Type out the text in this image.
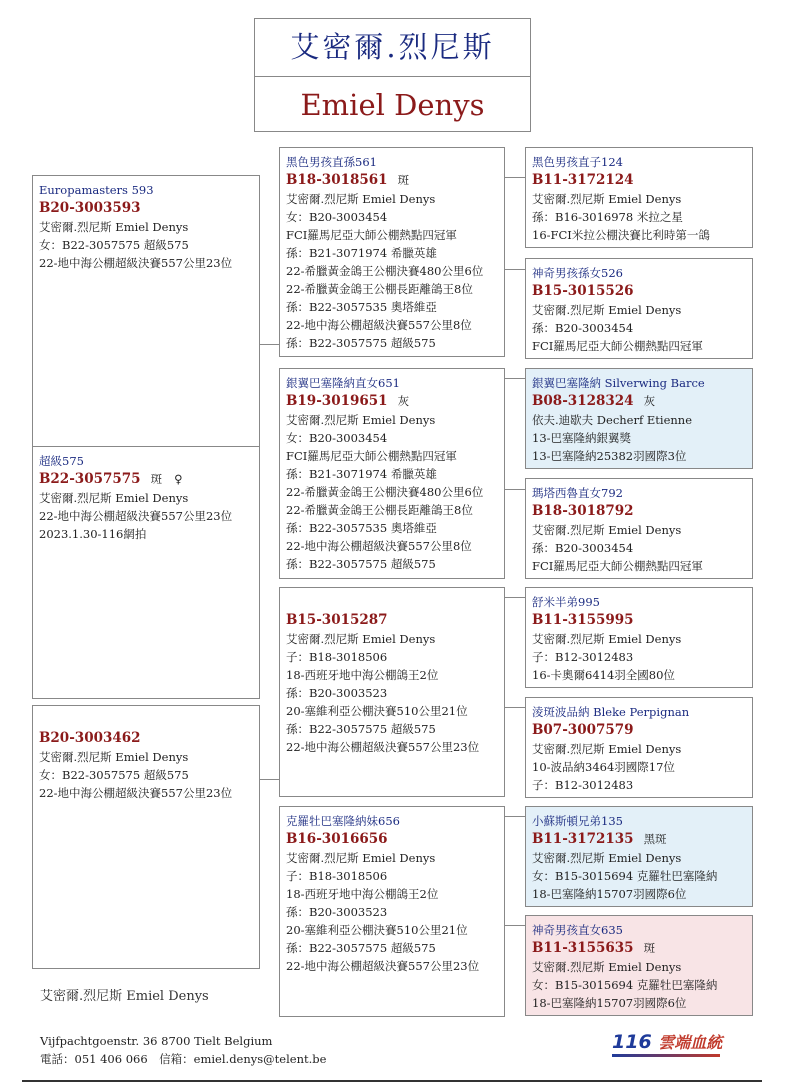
艾密爾.烈尼斯
Emiel Denys
Europamasters 593
B20-3003593
艾密爾.烈尼斯 Emiel Denys
女：B22-3057575 超級575
22-地中海公棚超級決賽557公里23位
超級575
B22-3057575 斑 ♀
艾密爾.烈尼斯 Emiel Denys
22-地中海公棚超級決賽557公里23位
2023.1.30-116網拍
B20-3003462
艾密爾.烈尼斯 Emiel Denys
女：B22-3057575 超級575
22-地中海公棚超級決賽557公里23位
黑色男孩直孫561
B18-3018561 斑
艾密爾.烈尼斯 Emiel Denys
女：B20-3003454
FCI羅馬尼亞大師公棚熱點四冠軍
孫：B21-3071974 希臘英雄
22-希臘黃金鴿王公棚決賽480公里6位
22-希臘黃金鴿王公棚長距離鴿王8位
孫：B22-3057535 奧塔維亞
22-地中海公棚超級決賽557公里8位
孫：B22-3057575 超級575
銀翼巴塞隆納直女651
B19-3019651 灰
艾密爾.烈尼斯 Emiel Denys
女：B20-3003454
FCI羅馬尼亞大師公棚熱點四冠軍
孫：B21-3071974 希臘英雄
22-希臘黃金鴿王公棚決賽480公里6位
22-希臘黃金鴿王公棚長距離鴿王8位
孫：B22-3057535 奧塔維亞
22-地中海公棚超級決賽557公里8位
孫：B22-3057575 超級575
B15-3015287
艾密爾.烈尼斯 Emiel Denys
子：B18-3018506
18-西班牙地中海公棚鴿王2位
孫：B20-3003523
20-塞維利亞公棚決賽510公里21位
孫：B22-3057575 超級575
22-地中海公棚超級決賽557公里23位
克羅牡巴塞隆納妹656
B16-3016656
艾密爾.烈尼斯 Emiel Denys
子：B18-3018506
18-西班牙地中海公棚鴿王2位
孫：B20-3003523
20-塞維利亞公棚決賽510公里21位
孫：B22-3057575 超級575
22-地中海公棚超級決賽557公里23位
黑色男孩直子124
B11-3172124
艾密爾.烈尼斯 Emiel Denys
孫：B16-3016978 米拉之星
16-FCI米拉公棚決賽比利時第一鴿
神奇男孩孫女526
B15-3015526
艾密爾.烈尼斯 Emiel Denys
孫：B20-3003454
FCI羅馬尼亞大師公棚熱點四冠軍
銀翼巴塞隆納 Silverwing Barce
B08-3128324 灰
依夫.迪歇夫 Decherf Etienne
13-巴塞隆納銀翼獎
13-巴塞隆納25382羽國際3位
瑪塔西魯直女792
B18-3018792
艾密爾.烈尼斯 Emiel Denys
孫：B20-3003454
FCI羅馬尼亞大師公棚熱點四冠軍
舒米半弟995
B11-3155995
艾密爾.烈尼斯 Emiel Denys
子：B12-3012483
16-卡奧爾6414羽全國80位
淩斑波品納 Bleke Perpignan
B07-3007579
艾密爾.烈尼斯 Emiel Denys
10-波品納3464羽國際17位
子：B12-3012483
小蘇斯頓兄弟135
B11-3172135 黑斑
艾密爾.烈尼斯 Emiel Denys
女：B15-3015694 克羅牡巴塞隆納
18-巴塞隆納15707羽國際6位
神奇男孩直女635
B11-3155635 斑
艾密爾.烈尼斯 Emiel Denys
女：B15-3015694 克羅牡巴塞隆納
18-巴塞隆納15707羽國際6位
艾密爾.烈尼斯 Emiel Denys
Vijfpachtgoenstr. 36 8700 Tielt Belgium
電話：051 406 066　信箱：emiel.denys@telent.be
116 雲端血統
